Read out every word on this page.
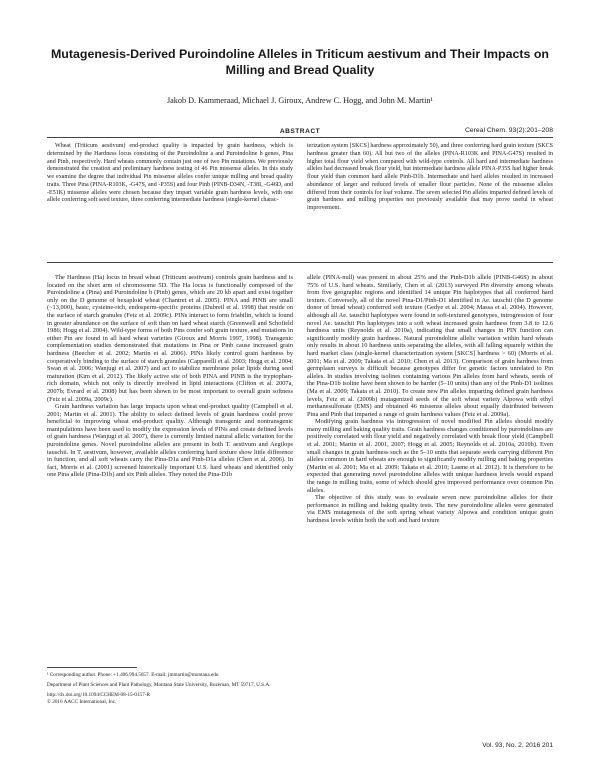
Mutagenesis-Derived Puroindoline Alleles in Triticum aestivum and Their Impacts on Milling and Bread Quality
Jakob D. Kammeraad, Michael J. Giroux, Andrew C. Hogg, and John M. Martin¹
ABSTRACT	Cereal Chem. 93(2):201–208
Wheat (Triticum aestivum) end-product quality is impacted by grain hardness, which is determined by the Hardness locus consisting of the Puroindoline a and Puroindoline b genes, Pina and Pinb, respectively. Hard wheats commonly contain just one of two Pin mutations. We previously demonstrated the creation and preliminary hardness testing of 46 Pin missense alleles. In this study we examine the degree that individual Pin missense alleles confer unique milling and bread quality traits. Three Pina (PINA-R103K, -G47S, and -P35S) and four Pinb (PINB-D34N, -T38I, -G46D, and -E51K) missense alleles were chosen because they impart variable grain hardness levels, with one allele conferring soft seed texture, three conferring intermediate hardness (single-kernel charac-
terization system [SKCS] hardness approximately 50), and three conferring hard grain texture (SKCS hardness greater than 60). All but two of the alleles (PINA-R103K and PINA-G47S) resulted in higher total flour yield when compared with wild-type controls. All hard and intermediate hardness alleles had decreased break flour yield, but intermediate hardness allele PINA-P35S had higher break flour yield than common hard allele Pinb-D1b. Intermediate and hard alleles resulted in increased abundance of larger and reduced levels of smaller flour particles. None of the missense alleles differed from their controls for loaf volume. The seven selected Pin alleles imparted defined levels of grain hardness and milling properties not previously available that may prove useful in wheat improvement.

The Hardness (Ha) locus in bread wheat (Triticum aestivum) controls grain hardness and is located on the short arm of chromosome 5D. The Ha locus is functionally composed of the Puroindoline a (Pina) and Puroindoline b (Pinb) genes, which are 20 kb apart and exist together only on the D genome of hexaploid wheat (Chantret et al. 2005). PINA and PINB are small (~13,000), basic, cysteine-rich, endosperm-specific proteins (Dubreil et al. 1998) that reside on the surface of starch granules (Feiz et al. 2009c). PINs interact to form friabilin, which is found in greater abundance on the surface of soft than on hard wheat starch (Greenwell and Schofield 1986; Hogg et al. 2004). Wild-type forms of both Pins confer soft grain texture, and mutations in either Pin are found in all hard wheat varieties (Giroux and Morris 1997, 1998). Transgenic complementation studies demonstrated that mutations in Pina or Pinb cause increased grain hardness (Beecher et al. 2002; Martin et al. 2006). PINs likely control grain hardness by cooperatively binding to the surface of starch granules (Capparelli et al. 2003; Hogg et al. 2004; Swan et al. 2006; Wanjugi et al. 2007) and act to stabilize membrane polar lipids during seed maturation (Kim et al. 2012). The likely active site of both PINA and PINB is the tryptophan-rich domain, which not only is directly involved in lipid interactions (Clifton et al. 2007a, 2007b; Evrard et al. 2008) but has been shown to be most important to overall grain softness (Feiz et al. 2009a, 2009c).

Grain hardness variation has large impacts upon wheat end-product quality (Campbell et al. 2001; Martin et al. 2001). The ability to select defined levels of grain hardness could prove beneficial to improving wheat end-product quality. Although transgenic and nontransgenic manipulations have been used to modify the expression levels of PINs and create defined levels of grain hardness (Wanjugi et al. 2007), there is currently limited natural allelic variation for the puroindoline genes. Novel puroindoline alleles are present in both T. aestivum and Aegilops tauschii. In T. aestivum, however, available alleles conferring hard texture show little difference in function, and all soft wheats carry the Pina-D1a and Pinb-D1a alleles (Chen et al. 2006). In fact, Morris et al. (2001) screened historically important U.S. hard wheats and identified only one Pina allele (Pina-D1b) and six Pinb alleles. They noted the Pina-D1b

allele (PINA-null) was present in about 25% and the Pinb-D1b allele (PINB-G46S) in about 75% of U.S. hard wheats. Similarly, Chen et al. (2013) surveyed Pin diversity among wheats from five geographic regions and identified 14 unique Pin haplotypes that all conferred hard texture. Conversely, all of the novel Pina-D1/Pinb-D1 identified in Ae. tauschii (the D genome donor of bread wheat) conferred soft texture (Gedye et al. 2004; Massa et al. 2004). However, although all Ae. tauschii haplotypes were found in soft-textured genotypes, introgression of four novel Ae. tauschii Pin haplotypes into a soft wheat increased grain hardness from 3.8 to 12.6 hardness units (Reynolds et al. 2010a), indicating that small changes in PIN function can significantly modify grain hardness. Natural puroindoline allelic variation within hard wheats only results in about 10 hardness units separating the alleles, with all falling squarely within the hard market class (single-kernel characterization system [SKCS] hardness > 60) (Morris et al. 2001; Ma et al. 2009; Takata et al. 2010; Chen et al. 2013). Comparison of grain hardness from germplasm surveys is difficult because genotypes differ for genetic factors unrelated to Pin alleles. In studies involving isolines containing various Pin alleles from hard wheats, seeds of the Pina-D1b isoline have been shown to be harder (5–10 units) than any of the Pinb-D1 isolines (Ma et al. 2009; Takata et al. 2010). To create new Pin alleles imparting defined grain hardness levels, Feiz et al. (2009b) mutagenized seeds of the soft wheat variety Alpowa with ethyl methanesulfonate (EMS) and obtained 46 missense alleles about equally distributed between Pina and Pinb that imparted a range of grain hardness values (Feiz et al. 2009a).

Modifying grain hardness via introgression of novel modified Pin alleles should modify many milling and baking quality traits. Grain hardness changes conditioned by puroindolines are positively correlated with flour yield and negatively correlated with break flour yield (Campbell et al. 2001; Martin et al. 2001, 2007; Hogg et al. 2005; Reynolds et al. 2010a, 2010b). Even small changes in grain hardness such as the 5–10 units that separate seeds carrying different Pin alleles common in hard wheats are enough to significantly modify milling and baking properties (Martin et al. 2001; Ma et al. 2009; Takata et al. 2010; Lasme et al. 2012). It is therefore to be expected that generating novel puroindoline alleles with unique hardness levels would expand the range in milling traits, some of which should give improved performance over common Pin alleles.

The objective of this study was to evaluate seven new puroindoline alleles for their performance in milling and baking quality tests. The new puroindoline alleles were generated via EMS mutagenesis of the soft spring wheat variety Alpowa and condition unique grain hardness levels within both the soft and hard texture

¹ Corresponding author. Phone: +1.406.994.5057. E-mail: jmmartin@montana.edu

Department of Plant Sciences and Plant Pathology, Montana State University, Bozeman, MT 59717, U.S.A.

http://dx.doi.org/10.1094/CCHEM-08-15-0157-R

© 2016 AACC International, Inc.

Vol. 93, No. 2, 2016 201
